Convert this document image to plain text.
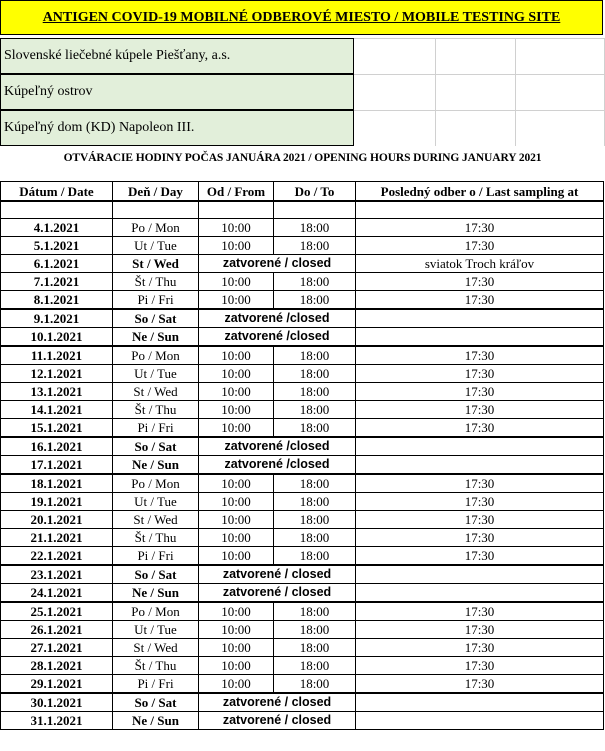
ANTIGEN COVID-19 MOBILNÉ ODBEROVÉ MIESTO / MOBILE TESTING SITE
Slovenské liečebné kúpele Piešťany, a.s.
Kúpeľný ostrov
Kúpeľný dom (KD) Napoleon III.
OTVÁRACIE HODINY POČAS JANUÁRA 2021 / OPENING HOURS DURING JANUARY 2021
Dátum / Date	Deň / Day	Od / From	Do / To	Posledný odber o / Last sampling at

4.1.2021	Po / Mon	10:00	18:00	17:30
5.1.2021	Ut / Tue	10:00	18:00	17:30
6.1.2021	St / Wed	zatvorené / closed		sviatok Troch kráľov
7.1.2021	Št / Thu	10:00	18:00	17:30
8.1.2021	Pi / Fri	10:00	18:00	17:30
9.1.2021	So / Sat	zatvorené /closed		
10.1.2021	Ne / Sun	zatvorené /closed		
11.1.2021	Po / Mon	10:00	18:00	17:30
12.1.2021	Ut / Tue	10:00	18:00	17:30
13.1.2021	St / Wed	10:00	18:00	17:30
14.1.2021	Št / Thu	10:00	18:00	17:30
15.1.2021	Pi / Fri	10:00	18:00	17:30
16.1.2021	So / Sat	zatvorené /closed		
17.1.2021	Ne / Sun	zatvorené /closed		
18.1.2021	Po / Mon	10:00	18:00	17:30
19.1.2021	Ut / Tue	10:00	18:00	17:30
20.1.2021	St / Wed	10:00	18:00	17:30
21.1.2021	Št / Thu	10:00	18:00	17:30
22.1.2021	Pi / Fri	10:00	18:00	17:30
23.1.2021	So / Sat	zatvorené / closed		
24.1.2021	Ne / Sun	zatvorené / closed		
25.1.2021	Po / Mon	10:00	18:00	17:30
26.1.2021	Ut / Tue	10:00	18:00	17:30
27.1.2021	St / Wed	10:00	18:00	17:30
28.1.2021	Št / Thu	10:00	18:00	17:30
29.1.2021	Pi / Fri	10:00	18:00	17:30
30.1.2021	So / Sat	zatvorené / closed		
31.1.2021	Ne / Sun	zatvorené / closed		
